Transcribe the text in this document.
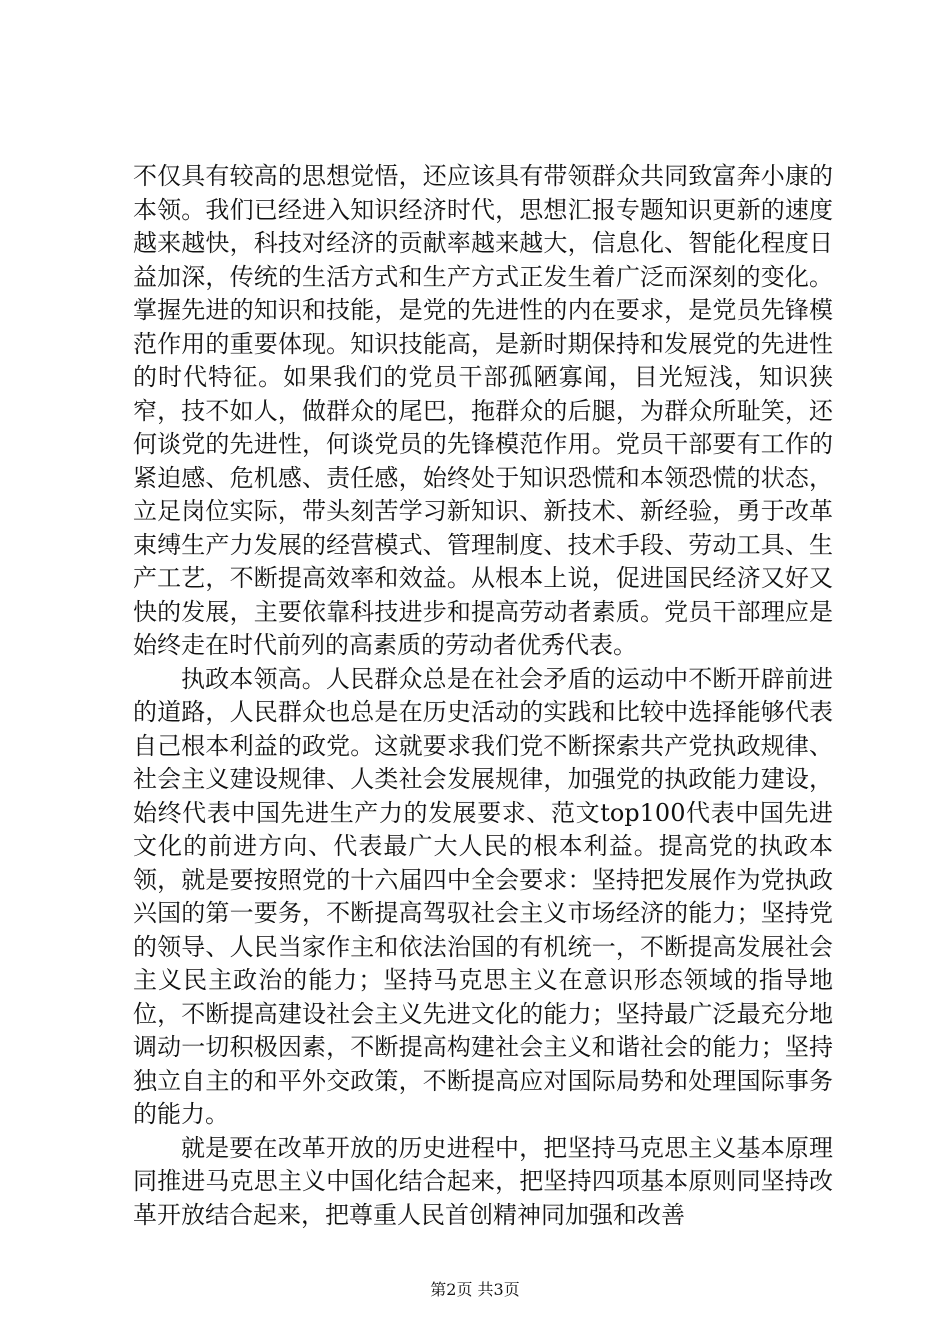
不仅具有较高的思想觉悟，还应该具有带领群众共同致富奔小康的本领。我们已经进入知识经济时代，思想汇报专题知识更新的速度越来越快，科技对经济的贡献率越来越大，信息化、智能化程度日益加深，传统的生活方式和生产方式正发生着广泛而深刻的变化。掌握先进的知识和技能，是党的先进性的内在要求，是党员先锋模范作用的重要体现。知识技能高，是新时期保持和发展党的先进性的时代特征。如果我们的党员干部孤陋寡闻，目光短浅，知识狭窄，技不如人，做群众的尾巴，拖群众的后腿，为群众所耻笑，还何谈党的先进性，何谈党员的先锋模范作用。党员干部要有工作的紧迫感、危机感、责任感，始终处于知识恐慌和本领恐慌的状态，立足岗位实际，带头刻苦学习新知识、新技术、新经验，勇于改革束缚生产力发展的经营模式、管理制度、技术手段、劳动工具、生产工艺，不断提高效率和效益。从根本上说，促进国民经济又好又快的发展，主要依靠科技进步和提高劳动者素质。党员干部理应是始终走在时代前列的高素质的劳动者优秀代表。

执政本领高。人民群众总是在社会矛盾的运动中不断开辟前进的道路，人民群众也总是在历史活动的实践和比较中选择能够代表自己根本利益的政党。这就要求我们党不断探索共产党执政规律、社会主义建设规律、人类社会发展规律，加强党的执政能力建设，始终代表中国先进生产力的发展要求、范文top100代表中国先进文化的前进方向、代表最广大人民的根本利益。提高党的执政本领，就是要按照党的十六届四中全会要求：坚持把发展作为党执政兴国的第一要务，不断提高驾驭社会主义市场经济的能力；坚持党的领导、人民当家作主和依法治国的有机统一，不断提高发展社会主义民主政治的能力；坚持马克思主义在意识形态领域的指导地位，不断提高建设社会主义先进文化的能力；坚持最广泛最充分地调动一切积极因素，不断提高构建社会主义和谐社会的能力；坚持独立自主的和平外交政策，不断提高应对国际局势和处理国际事务的能力。

就是要在改革开放的历史进程中，把坚持马克思主义基本原理同推进马克思主义中国化结合起来，把坚持四项基本原则同坚持改革开放结合起来，把尊重人民首创精神同加强和改善

第2页 共3页
